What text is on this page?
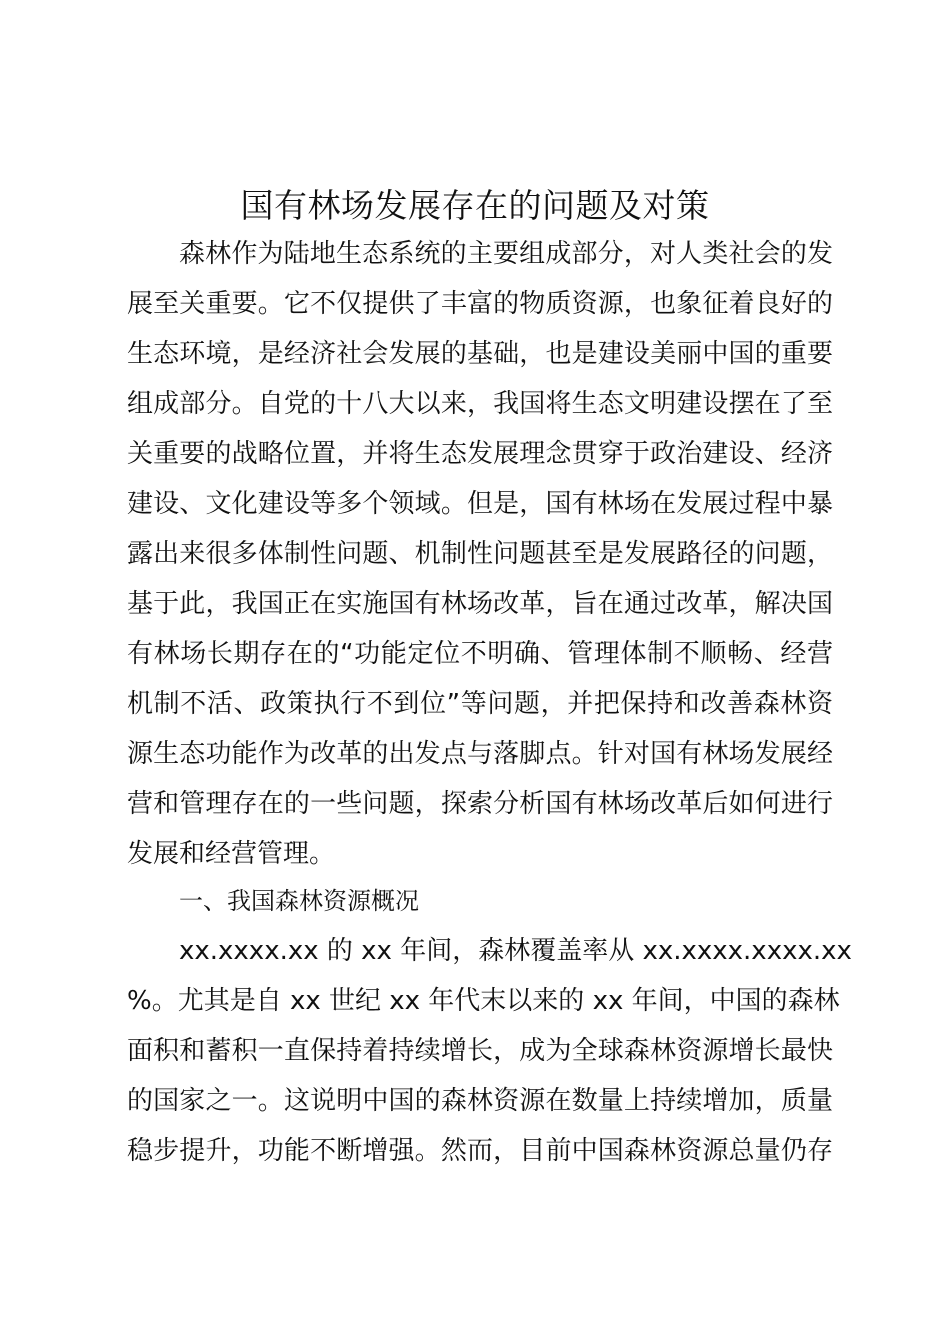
国有林场发展存在的问题及对策
森林作为陆地生态系统的主要组成部分，对人类社会的发
展至关重要。它不仅提供了丰富的物质资源，也象征着良好的
生态环境，是经济社会发展的基础，也是建设美丽中国的重要
组成部分。自党的十八大以来，我国将生态文明建设摆在了至
关重要的战略位置，并将生态发展理念贯穿于政治建设、经济
建设、文化建设等多个领域。但是，国有林场在发展过程中暴
露出来很多体制性问题、机制性问题甚至是发展路径的问题，
基于此，我国正在实施国有林场改革，旨在通过改革，解决国
有林场长期存在的“功能定位不明确、管理体制不顺畅、经营
机制不活、政策执行不到位”等问题，并把保持和改善森林资
源生态功能作为改革的出发点与落脚点。针对国有林场发展经
营和管理存在的一些问题，探索分析国有林场改革后如何进行
发展和经营管理。
一、我国森林资源概况
xx.xxxx.xx 的 xx 年间，森林覆盖率从 xx.xxxx.xxxx.xx
%。尤其是自 xx 世纪 xx 年代末以来的 xx 年间，中国的森林
面积和蓄积一直保持着持续增长，成为全球森林资源增长最快
的国家之一。这说明中国的森林资源在数量上持续增加，质量
稳步提升，功能不断增强。然而，目前中国森林资源总量仍存
